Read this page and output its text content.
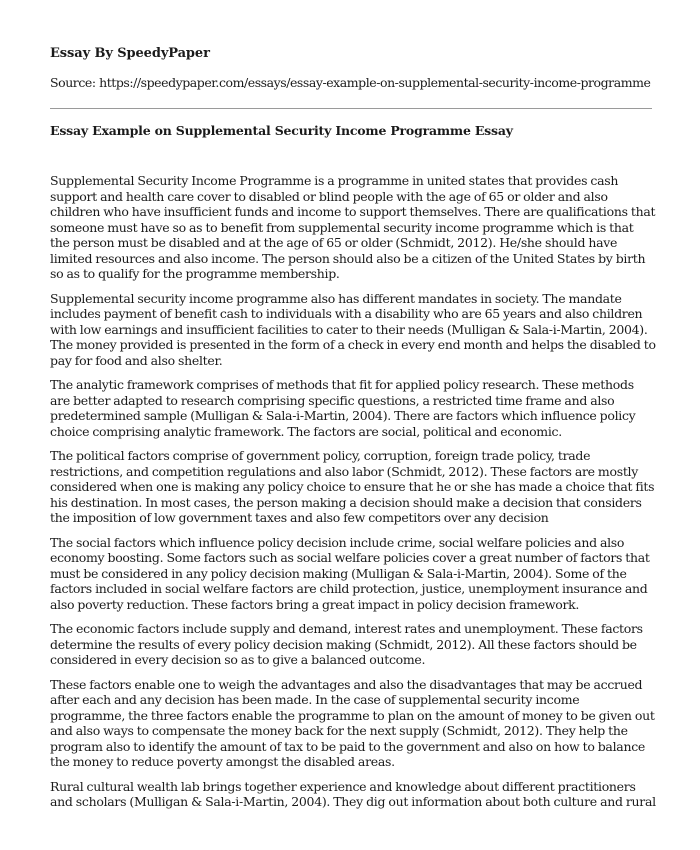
Essay By SpeedyPaper
Source: https://speedypaper.com/essays/essay-example-on-supplemental-security-income-programme
Essay Example on Supplemental Security Income Programme Essay

Supplemental Security Income Programme is a programme in united states that provides cash support and health care cover to disabled or blind people with the age of 65 or older and also children who have insufficient funds and income to support themselves. There are qualifications that someone must have so as to benefit from supplemental security income programme which is that the person must be disabled and at the age of 65 or older (Schmidt, 2012). He/she should have limited resources and also income. The person should also be a citizen of the United States by birth so as to qualify for the programme membership.

Supplemental security income programme also has different mandates in society. The mandate includes payment of benefit cash to individuals with a disability who are 65 years and also children with low earnings and insufficient facilities to cater to their needs (Mulligan & Sala-i-Martin, 2004). The money provided is presented in the form of a check in every end month and helps the disabled to pay for food and also shelter.

The analytic framework comprises of methods that fit for applied policy research. These methods are better adapted to research comprising specific questions, a restricted time frame and also predetermined sample (Mulligan & Sala-i-Martin, 2004). There are factors which influence policy choice comprising analytic framework. The factors are social, political and economic.

The political factors comprise of government policy, corruption, foreign trade policy, trade restrictions, and competition regulations and also labor (Schmidt, 2012). These factors are mostly considered when one is making any policy choice to ensure that he or she has made a choice that fits his destination. In most cases, the person making a decision should make a decision that considers the imposition of low government taxes and also few competitors over any decision

The social factors which influence policy decision include crime, social welfare policies and also economy boosting. Some factors such as social welfare policies cover a great number of factors that must be considered in any policy decision making (Mulligan & Sala-i-Martin, 2004). Some of the factors included in social welfare factors are child protection, justice, unemployment insurance and also poverty reduction. These factors bring a great impact in policy decision framework.

The economic factors include supply and demand, interest rates and unemployment. These factors determine the results of every policy decision making (Schmidt, 2012). All these factors should be considered in every decision so as to give a balanced outcome.

These factors enable one to weigh the advantages and also the disadvantages that may be accrued after each and any decision has been made. In the case of supplemental security income programme, the three factors enable the programme to plan on the amount of money to be given out and also ways to compensate the money back for the next supply (Schmidt, 2012). They help the program also to identify the amount of tax to be paid to the government and also on how to balance the money to reduce poverty amongst the disabled areas.

Rural cultural wealth lab brings together experience and knowledge about different practitioners and scholars (Mulligan & Sala-i-Martin, 2004). They dig out information about both culture and rural
